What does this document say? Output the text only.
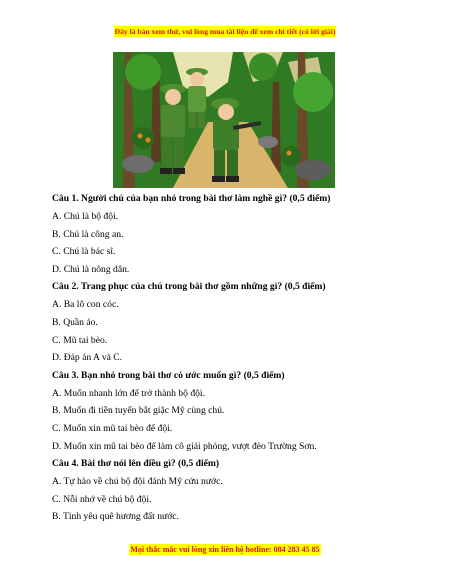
Đây là bản xem thử, vui lòng mua tài liệu để xem chi tiết (có lời giải)
Câu 1. Người chú của bạn nhỏ trong bài thơ làm nghề gì? (0,5 điểm)
A. Chú là bộ đội.
B. Chú là công an.
C. Chú là bác sĩ.
D. Chú là nông dân.
Câu 2. Trang phục của chú trong bài thơ gồm những gì? (0,5 điểm)
A. Ba lô con cóc.
B. Quần áo.
C. Mũ tai bèo.
D. Đáp án A và C.
Câu 3. Bạn nhỏ trong bài thơ có ước muốn gì? (0,5 điểm)
A. Muốn nhanh lớn để trở thành bộ đội.
B. Muốn đi tiền tuyến bắt giặc Mỹ cùng chú.
C. Muốn xin mũ tai bèo để đội.
D. Muốn xin mũ tai bèo để làm cô giải phóng, vượt đèo Trường Sơn.
Câu 4. Bài thơ nói lên điều gì? (0,5 điểm)
A. Tự hào về chú bộ đội đánh Mỹ cứu nước.
C. Nỗi nhớ về chú bộ đội.
B. Tình yêu quê hương đất nước.
Mọi thắc mắc vui lòng xin liên hệ hotline: 084 283 45 85
